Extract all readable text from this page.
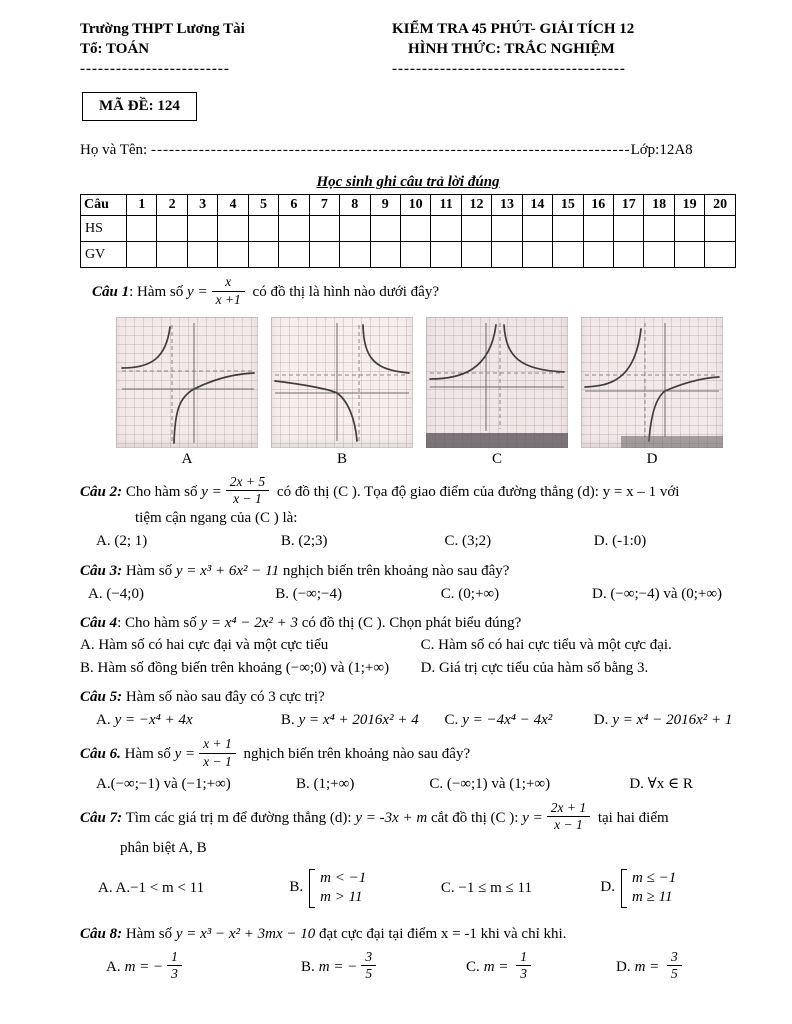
Trường THPT Lương Tài
Tổ: TOÁN
-------------------------
KIỂM TRA 45 PHÚT- GIẢI TÍCH 12
HÌNH THỨC: TRẮC NGHIỆM
---------------------------------------
MÃ ĐỀ: 124
Họ và Tên: --------------------------------------------------------------------------------Lớp:12A8
Học sinh ghi câu trả lời đúng
Câu	1	2	3	4	5	6	7	8	9	10	11	12	13	14	15	16	17	18	19	20
HS																				
GV																				
Câu 1: Hàm số $y = \frac{x}{x +1}$ có đồ thị là hình nào dưới đây?
A	B	C	D
Câu 2: Cho hàm số $y = \frac{2x + 5}{x - 1}$ có đồ thị (C ). Tọa độ giao điểm của đường thẳng (d): y = x – 1 với
tiệm cận ngang của (C ) là:
A. (2; 1)	B. (2;3)	C. (3;2)	D. (-1:0)
Câu 3: Hàm số y = x³ + 6x² − 11 nghịch biến trên khoảng nào sau đây?
A. (−4;0)	B. (−∞;−4)	C. (0;+∞)	D. (−∞;−4) và (0;+∞)
Câu 4: Cho hàm số y = x⁴ − 2x² + 3 có đồ thị (C ). Chọn phát biểu đúng?
A. Hàm số có hai cực đại và một cực tiểu	C. Hàm số có hai cực tiểu và một cực đại.
B. Hàm số đồng biến trên khoảng (−∞;0) và (1;+∞)	D. Giá trị cực tiểu của hàm số bằng 3.
Câu 5: Hàm số nào sau đây có 3 cực trị?
A. y = −x⁴ + 4x	B. y = x⁴ + 2016x² + 4	C. y = −4x⁴ − 4x²	D. y = x⁴ − 2016x² + 1
Câu 6. Hàm số $y = \frac{x + 1}{x - 1}$ nghịch biến trên khoảng nào sau đây?
A.(−∞;−1) và (−1;+∞)	B. (1;+∞)	C. (−∞;1) và (1;+∞)	D. ∀x ∈ R
Câu 7: Tìm các giá trị m để đường thẳng (d): y = -3x + m cắt đồ thị (C ): $y = \frac{2x + 1}{x - 1}$ tại hai điểm
phân biệt A, B
A. A.−1 < m < 11	B.
m < −1
m > 11
C. −1 ≤ m ≤ 11	D.
m ≤ −1
m ≥ 11
Câu 8: Hàm số y = x³ − x² + 3mx − 10 đạt cực đại tại điểm x = -1 khi và chỉ khi.
A. m = − $\frac{1}{3}$	B. m = − $\frac{3}{5}$	C. $m = \frac{1}{3}$	D. $m = \frac{3}{5}$
